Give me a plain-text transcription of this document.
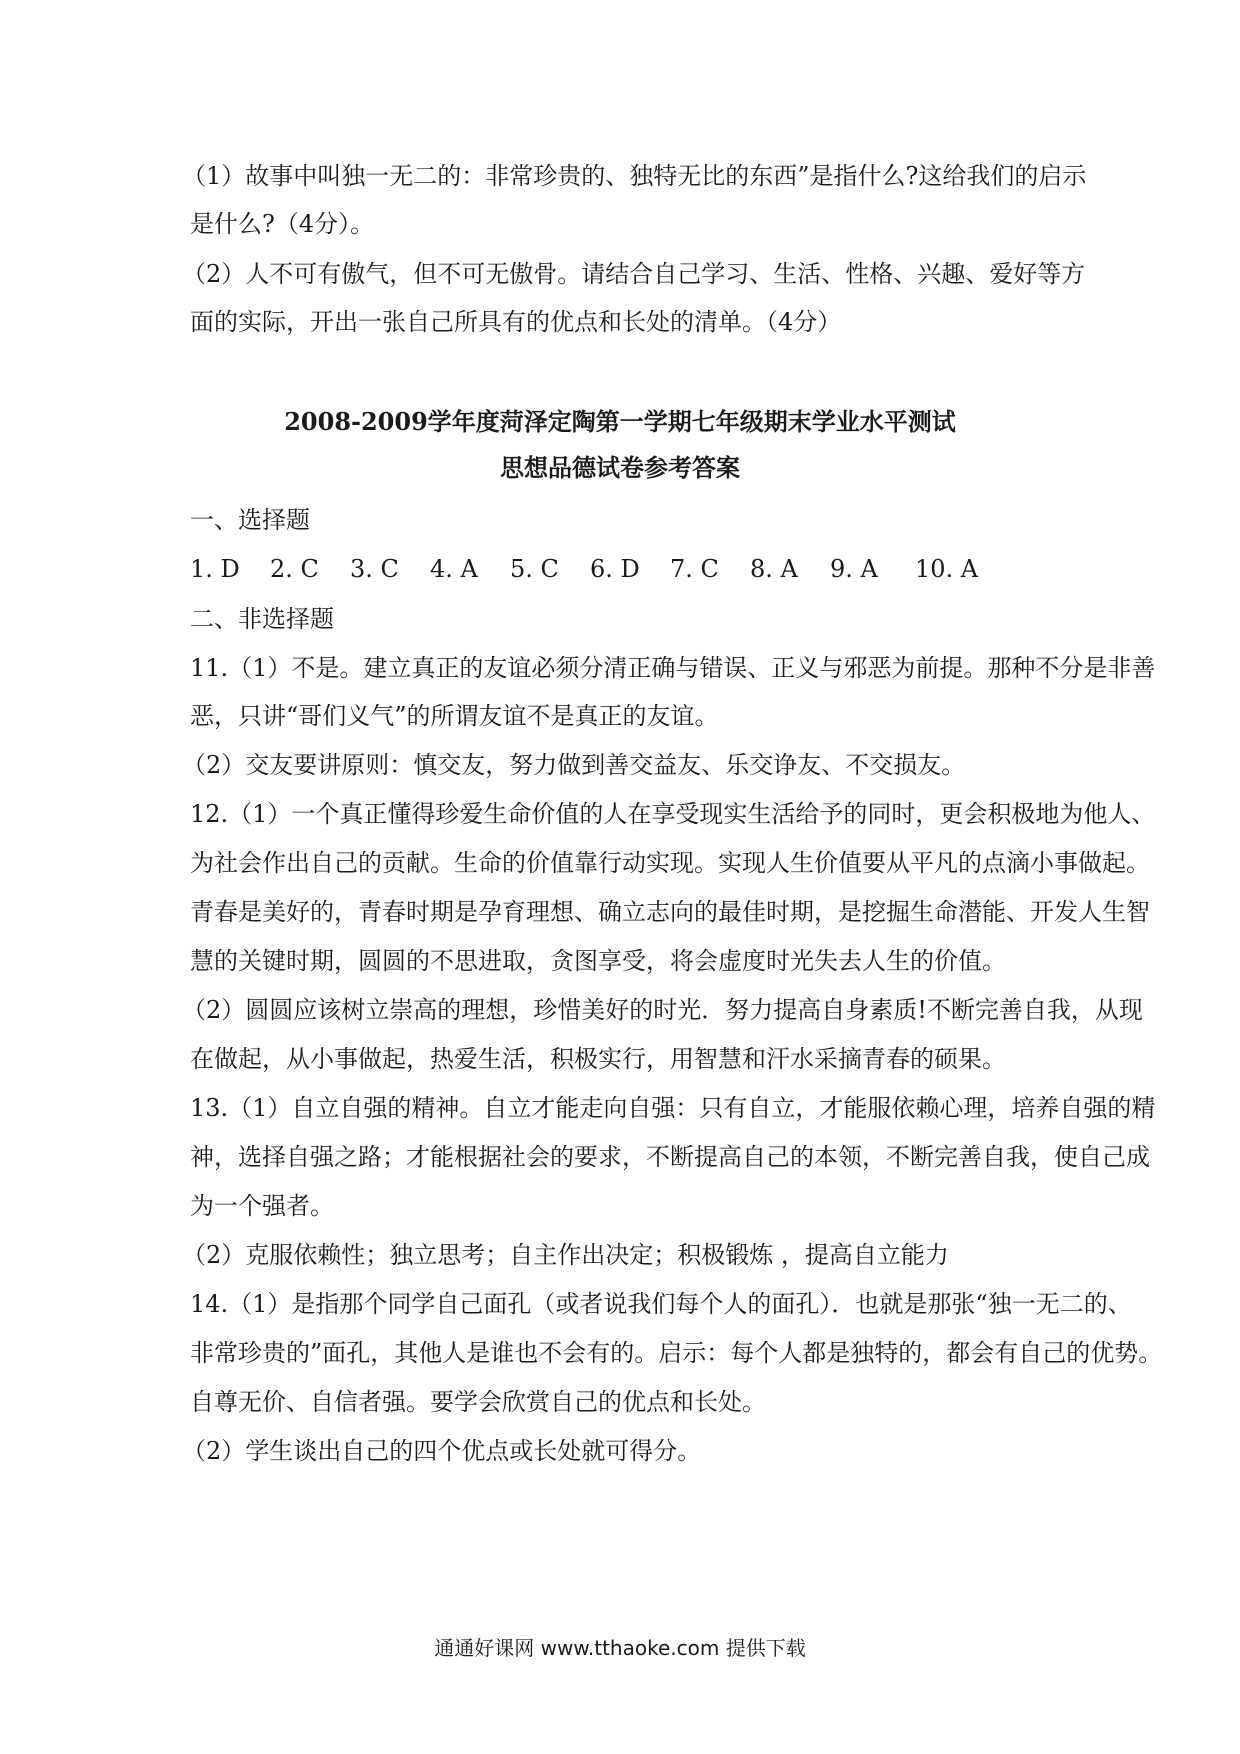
（1）故事中叫独一无二的：非常珍贵的、独特无比的东西”是指什么?这给我们的启示
是什么?（4分）。
（2）人不可有傲气，但不可无傲骨。请结合自己学习、生活、性格、兴趣、爱好等方
面的实际，开出一张自己所具有的优点和长处的清单。（4分）
2008-2009学年度菏泽定陶第一学期七年级期末学业水平测试
思想品德试卷参考答案
一、选择题
1. D 2. C 3. C 4. A 5. C 6. D 7. C 8. A 9. A 10. A
二、非选择题
11.（1）不是。建立真正的友谊必须分清正确与错误、正义与邪恶为前提。那种不分是非善
恶，只讲“哥们义气”的所谓友谊不是真正的友谊。
（2）交友要讲原则：慎交友，努力做到善交益友、乐交诤友、不交损友。
12.（1）一个真正懂得珍爱生命价值的人在享受现实生活给予的同时，更会积极地为他人、
为社会作出自己的贡献。生命的价值靠行动实现。实现人生价值要从平凡的点滴小事做起。
青春是美好的，青春时期是孕育理想、确立志向的最佳时期，是挖掘生命潜能、开发人生智
慧的关键时期，圆圆的不思进取，贪图享受，将会虚度时光失去人生的价值。
（2）圆圆应该树立崇高的理想，珍惜美好的时光．努力提高自身素质!不断完善自我，从现
在做起，从小事做起，热爱生活，积极实行，用智慧和汗水采摘青春的硕果。
13.（1）自立自强的精神。自立才能走向自强：只有自立，才能服依赖心理，培养自强的精
神，选择自强之路；才能根据社会的要求，不断提高自己的本领，不断完善自我，使自己成
为一个强者。
（2）克服依赖性；独立思考；自主作出决定；积极锻炼 ，提高自立能力
14.（1）是指那个同学自己面孔（或者说我们每个人的面孔）．也就是那张“独一无二的、
非常珍贵的”面孔，其他人是谁也不会有的。启示：每个人都是独特的，都会有自己的优势。
自尊无价、自信者强。要学会欣赏自己的优点和长处。
（2）学生谈出自己的四个优点或长处就可得分。
通通好课网 www.tthaoke.com 提供下载
